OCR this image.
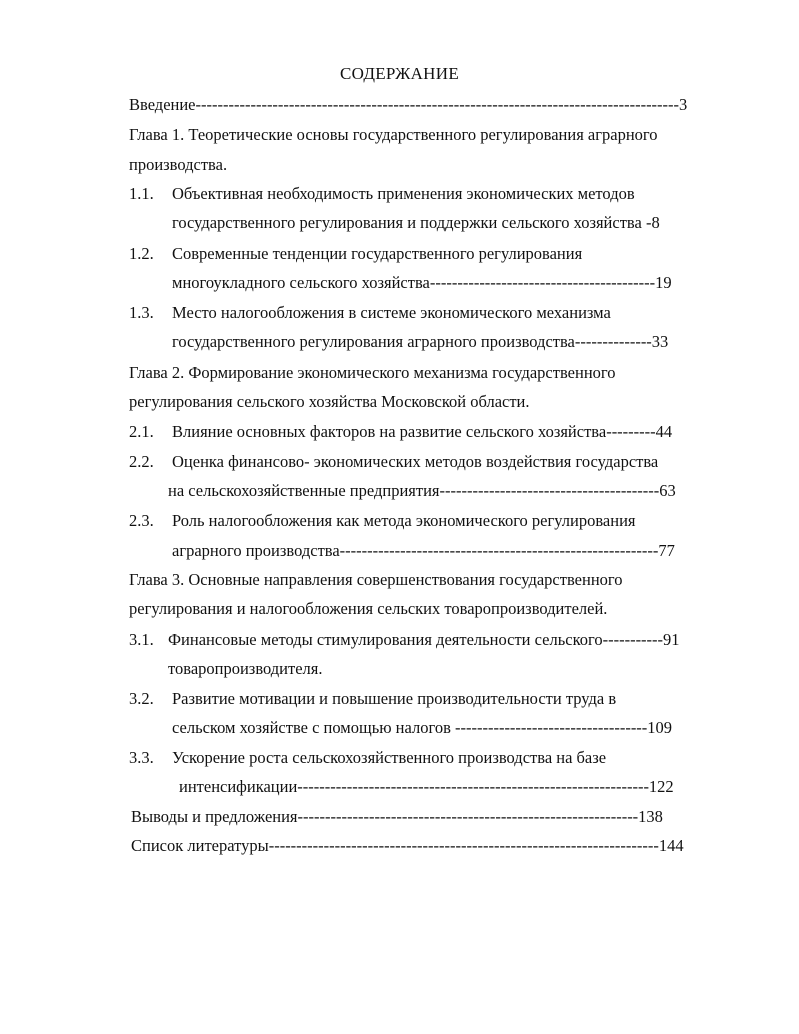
СОДЕРЖАНИЕ
Введение----------------------------------------------------------------------------------------3
Глава 1. Теоретические основы государственного регулирования аграрного
производства.
1.1. Объективная необходимость применения экономических методов
государственного регулирования и поддержки сельского хозяйства -8
1.2. Современные тенденции государственного регулирования
многоукладного сельского хозяйства-----------------------------------------19
1.3. Место налогообложения в системе экономического механизма
государственного регулирования аграрного производства--------------33
Глава 2. Формирование экономического механизма государственного
регулирования сельского хозяйства Московской области.
2.1. Влияние основных факторов на развитие сельского хозяйства---------44
2.2. Оценка финансово- экономических методов воздействия государства
на сельскохозяйственные предприятия----------------------------------------63
2.3. Роль налогообложения как метода экономического регулирования
аграрного производства----------------------------------------------------------77
Глава 3. Основные направления совершенствования государственного
регулирования и налогообложения сельских товаропроизводителей.
3.1. Финансовые методы стимулирования деятельности сельского-----------91
товаропроизводителя.
3.2. Развитие мотивации и повышение производительности труда в
сельском хозяйстве с помощью налогов -----------------------------------109
3.3. Ускорение роста сельскохозяйственного производства на базе
интенсификации----------------------------------------------------------------122
Выводы и предложения--------------------------------------------------------------138
Список литературы-----------------------------------------------------------------------144
